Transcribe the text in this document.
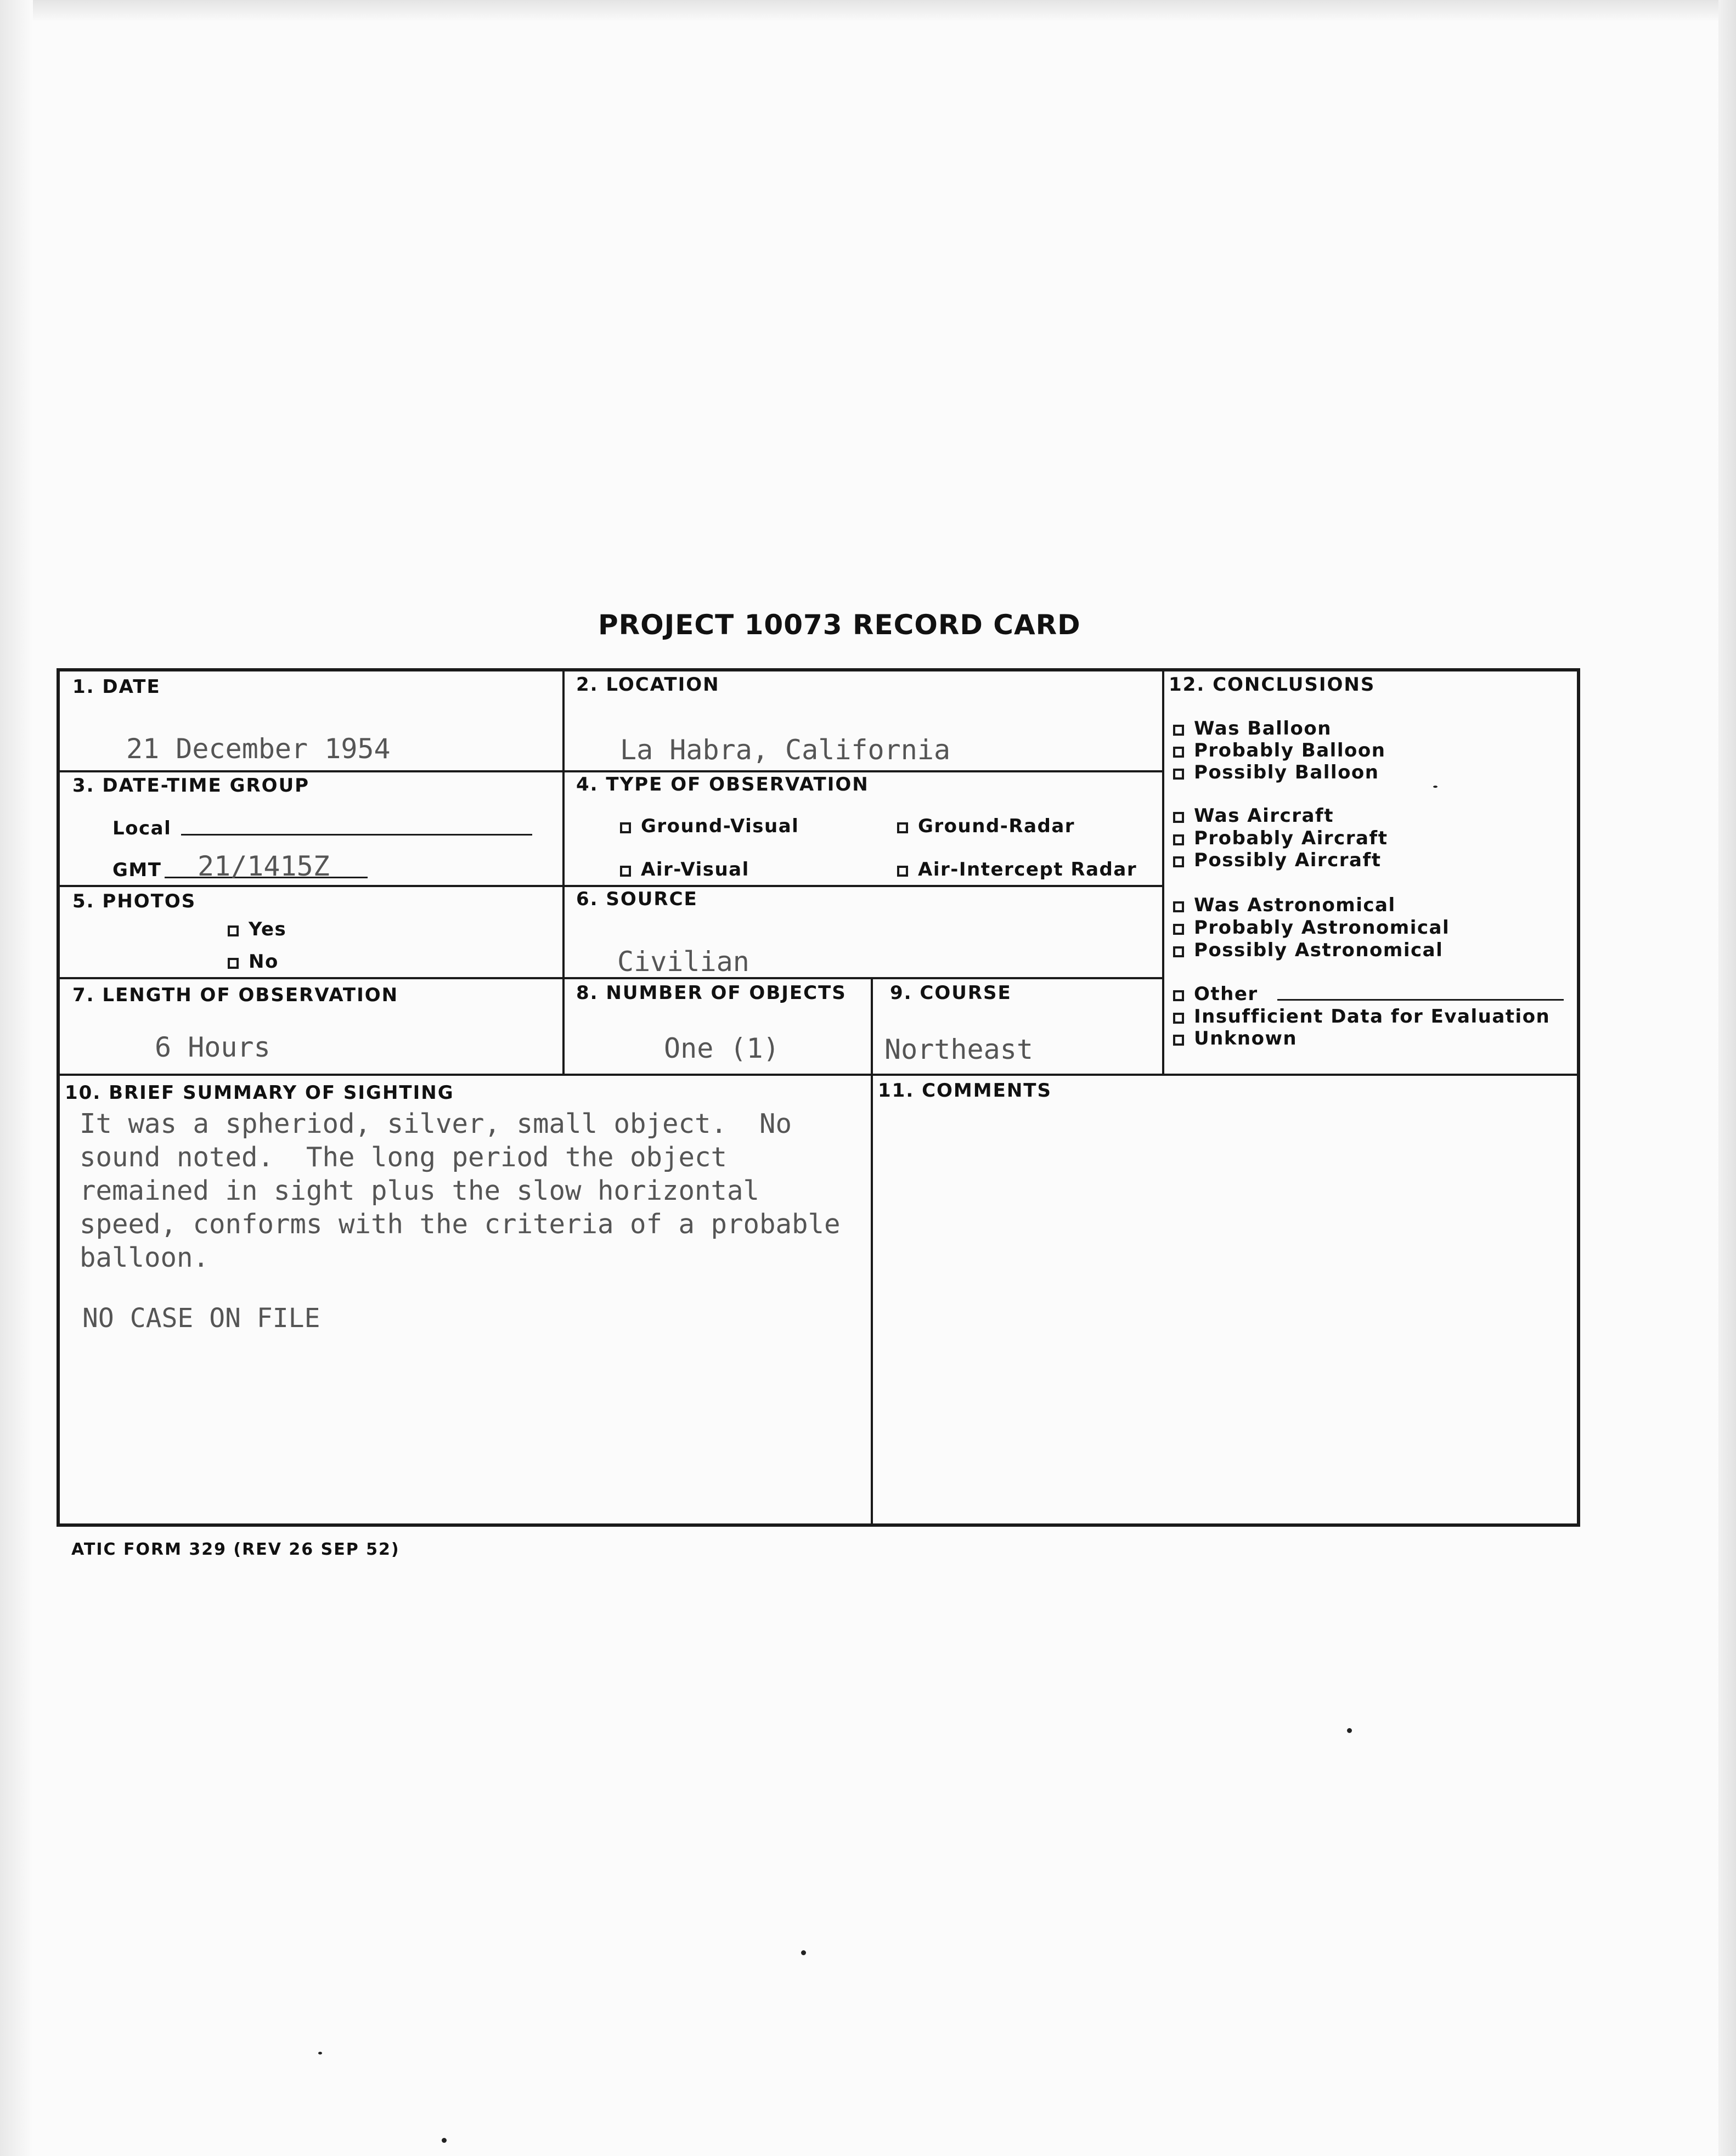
PROJECT 10073 RECORD CARD
1. DATE
21 December 1954
2. LOCATION
La Habra, California
3. DATE-TIME GROUP
Local
GMT 21/1415Z
4. TYPE OF OBSERVATION
Ground-Visual	Ground-Radar
Air-Visual	Air-Intercept Radar
5. PHOTOS
Yes
No
6. SOURCE
Civilian
7. LENGTH OF OBSERVATION
6 Hours
8. NUMBER OF OBJECTS
One (1)
9. COURSE
Northeast
10. BRIEF SUMMARY OF SIGHTING
It was a spheriod, silver, small object.  No
sound noted.  The long period the object
remained in sight plus the slow horizontal
speed, conforms with the criteria of a probable
balloon.
NO CASE ON FILE
11. COMMENTS
12. CONCLUSIONS
Was Balloon
Probably Balloon
Possibly Balloon
Was Aircraft
Probably Aircraft
Possibly Aircraft
Was Astronomical
Probably Astronomical
Possibly Astronomical
Other
Insufficient Data for Evaluation
Unknown
ATIC FORM 329 (REV 26 SEP 52)
